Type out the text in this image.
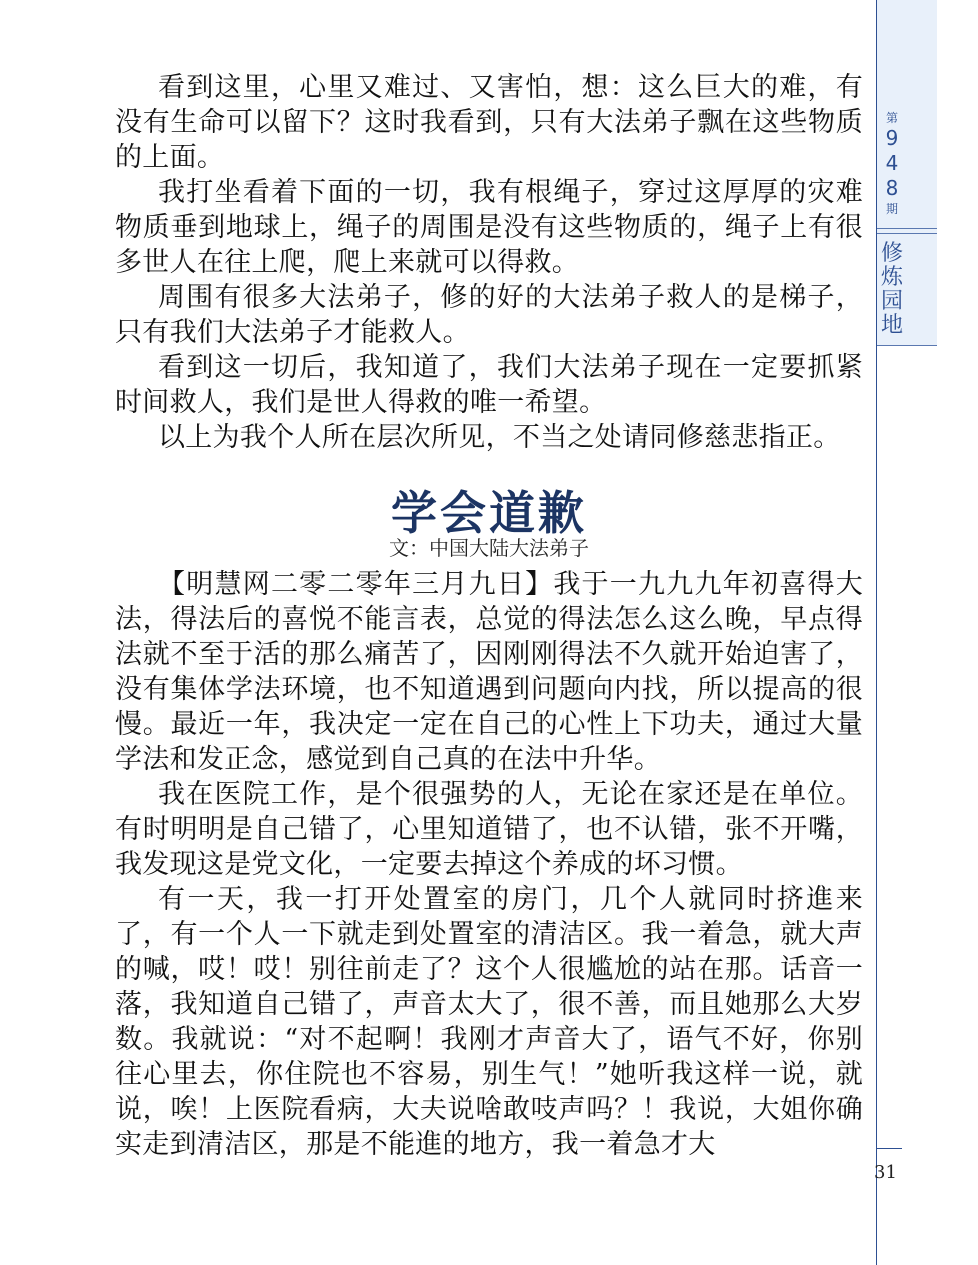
第
9
4
8
期
修
炼
园
地
31

看到这里，心里又难过、又害怕，想：这么巨大的难，有没有生命可以留下？这时我看到，只有大法弟子飘在这些物质的上面。

我打坐看着下面的一切，我有根绳子，穿过这厚厚的灾难物质垂到地球上，绳子的周围是没有这些物质的，绳子上有很多世人在往上爬，爬上来就可以得救。

周围有很多大法弟子，修的好的大法弟子救人的是梯子，只有我们大法弟子才能救人。

看到这一切后，我知道了，我们大法弟子现在一定要抓紧时间救人，我们是世人得救的唯一希望。

以上为我个人所在层次所见，不当之处请同修慈悲指正。

学会道歉
文：中国大陆大法弟子

【明慧网二零二零年三月九日】我于一九九九年初喜得大法，得法后的喜悦不能言表，总觉的得法怎么这么晚，早点得法就不至于活的那么痛苦了，因刚刚得法不久就开始迫害了，没有集体学法环境，也不知道遇到问题向内找，所以提高的很慢。最近一年，我决定一定在自己的心性上下功夫，通过大量学法和发正念，感觉到自己真的在法中升华。

我在医院工作，是个很强势的人，无论在家还是在单位。有时明明是自己错了，心里知道错了，也不认错，张不开嘴，我发现这是党文化，一定要去掉这个养成的坏习惯。

有一天，我一打开处置室的房门，几个人就同时挤進来了，有一个人一下就走到处置室的清洁区。我一着急，就大声的喊，哎！哎！别往前走了？这个人很尴尬的站在那。话音一落，我知道自己错了，声音太大了，很不善，而且她那么大岁数。我就说：“对不起啊！我刚才声音大了，语气不好，你别往心里去，你住院也不容易，别生气！”她听我这样一说，就说，唉！上医院看病，大夫说啥敢吱声吗？！我说，大姐你确实走到清洁区，那是不能進的地方，我一着急才大
